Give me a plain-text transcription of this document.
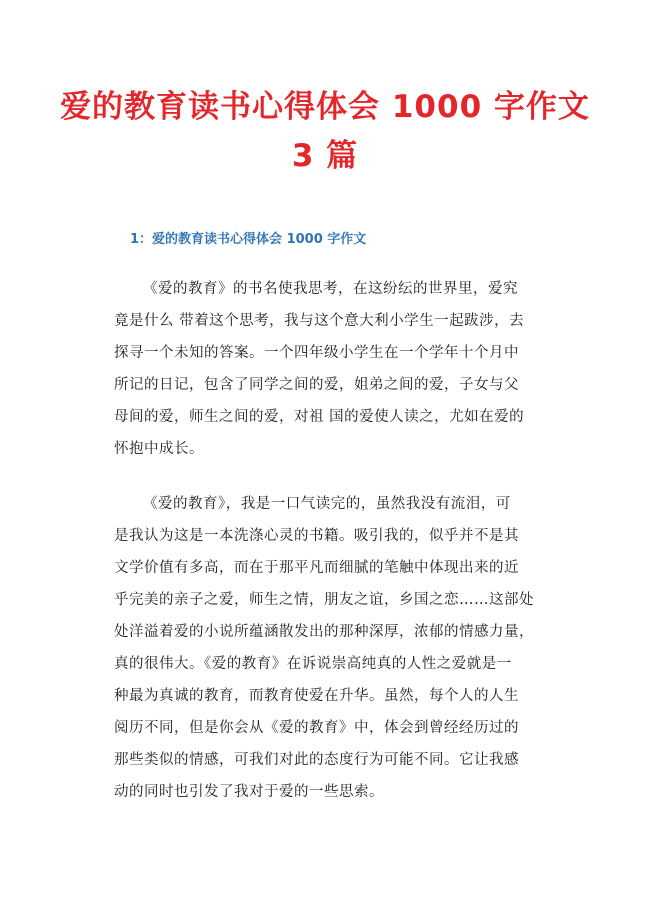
爱的教育读书心得体会 1000 字作文
3 篇
1：爱的教育读书心得体会 1000 字作文
《爱的教育》的书名使我思考，在这纷纭的世界里，爱究
竟是什么 带着这个思考，我与这个意大利小学生一起跋涉，去
探寻一个未知的答案。一个四年级小学生在一个学年十个月中
所记的日记，包含了同学之间的爱，姐弟之间的爱，子女与父
母间的爱，师生之间的爱，对祖 国的爱使人读之，尤如在爱的
怀抱中成长。
《爱的教育》，我是一口气读完的，虽然我没有流泪，可
是我认为这是一本洗涤心灵的书籍。吸引我的，似乎并不是其
文学价值有多高，而在于那平凡而细腻的笔触中体现出来的近
乎完美的亲子之爱，师生之情，朋友之谊，乡国之恋……这部处
处洋溢着爱的小说所蕴涵散发出的那种深厚，浓郁的情感力量，
真的很伟大。《爱的教育》在诉说崇高纯真的人性之爱就是一
种最为真诚的教育，而教育使爱在升华。虽然，每个人的人生
阅历不同，但是你会从《爱的教育》中，体会到曾经经历过的
那些类似的情感，可我们对此的态度行为可能不同。它让我感
动的同时也引发了我对于爱的一些思索。
